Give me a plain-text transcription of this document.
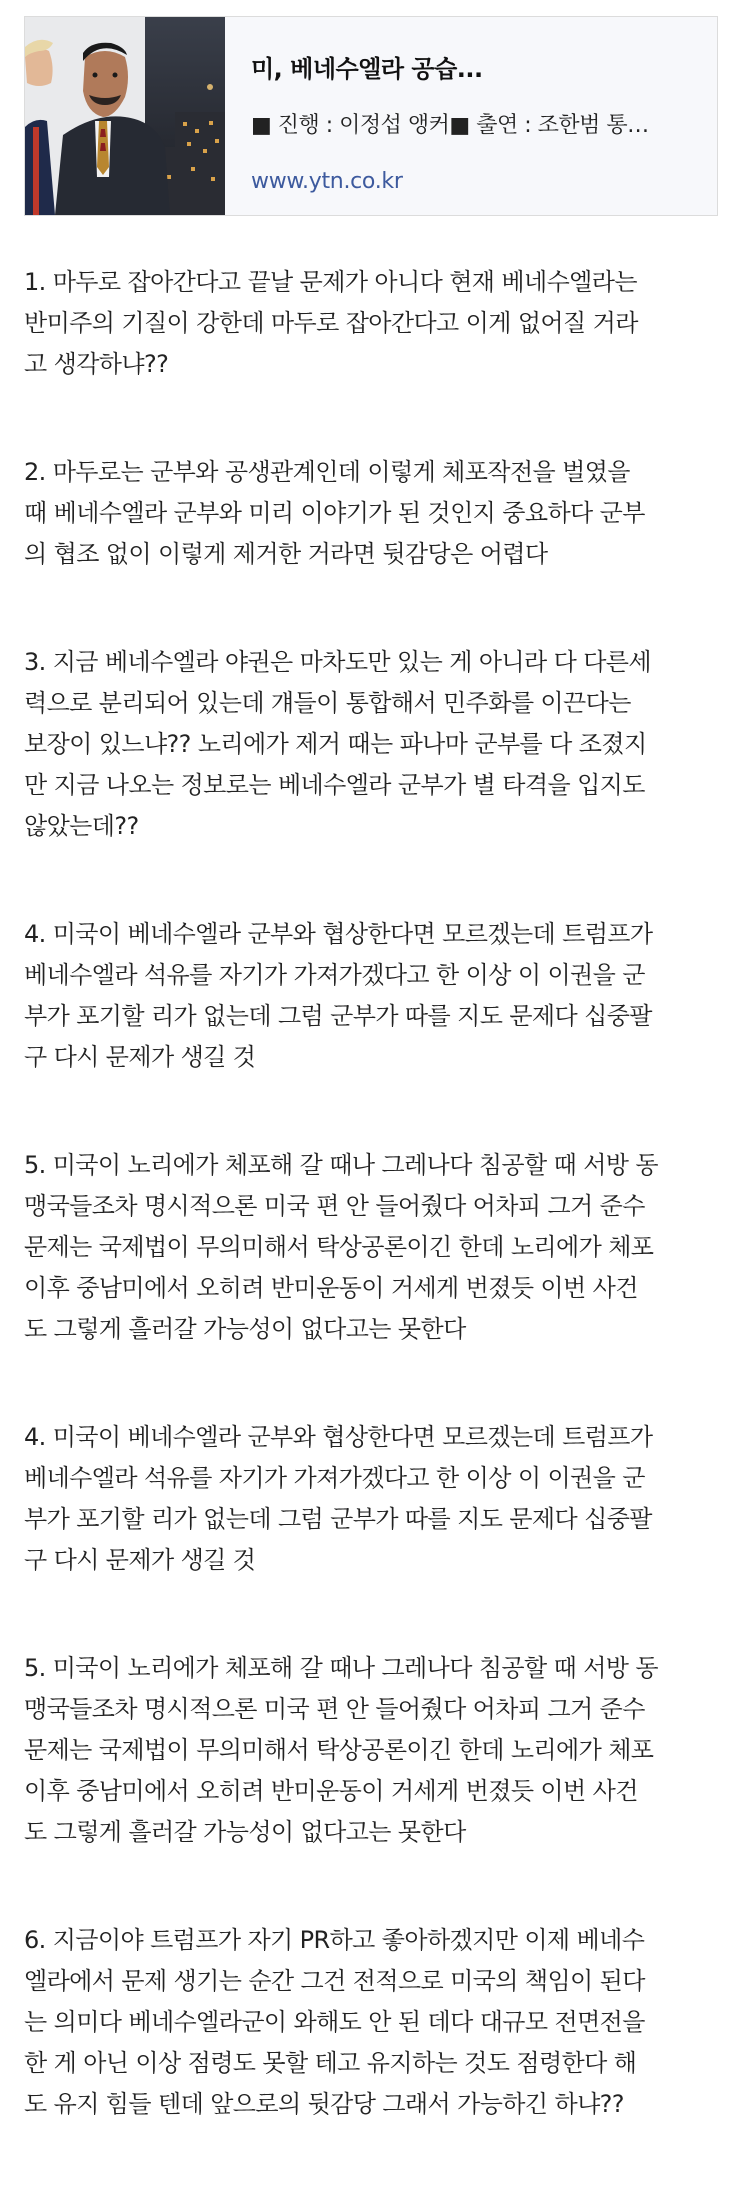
미, 베네수엘라 공습...
■ 진행 : 이정섭 앵커■ 출연 : 조한범 통…
www.ytn.co.kr

1. 마두로 잡아간다고 끝날 문제가 아니다 현재 베네수엘라는
반미주의 기질이 강한데 마두로 잡아간다고 이게 없어질 거라
고 생각하냐??

2. 마두로는 군부와 공생관계인데 이렇게 체포작전을 벌였을
때 베네수엘라 군부와 미리 이야기가 된 것인지 중요하다 군부
의 협조 없이 이렇게 제거한 거라면 뒷감당은 어렵다

3. 지금 베네수엘라 야권은 마차도만 있는 게 아니라 다 다른세
력으로 분리되어 있는데 걔들이 통합해서 민주화를 이끈다는
보장이 있느냐?? 노리에가 제거 때는 파나마 군부를 다 조졌지
만 지금 나오는 정보로는 베네수엘라 군부가 별 타격을 입지도
않았는데??

4. 미국이 베네수엘라 군부와 협상한다면 모르겠는데 트럼프가
베네수엘라 석유를 자기가 가져가겠다고 한 이상 이 이권을 군
부가 포기할 리가 없는데 그럼 군부가 따를 지도 문제다 십중팔
구 다시 문제가 생길 것

5. 미국이 노리에가 체포해 갈 때나 그레나다 침공할 때 서방 동
맹국들조차 명시적으론 미국 편 안 들어줬다 어차피 그거 준수
문제는 국제법이 무의미해서 탁상공론이긴 한데 노리에가 체포
이후 중남미에서 오히려 반미운동이 거세게 번졌듯 이번 사건
도 그렇게 흘러갈 가능성이 없다고는 못한다

4. 미국이 베네수엘라 군부와 협상한다면 모르겠는데 트럼프가
베네수엘라 석유를 자기가 가져가겠다고 한 이상 이 이권을 군
부가 포기할 리가 없는데 그럼 군부가 따를 지도 문제다 십중팔
구 다시 문제가 생길 것

5. 미국이 노리에가 체포해 갈 때나 그레나다 침공할 때 서방 동
맹국들조차 명시적으론 미국 편 안 들어줬다 어차피 그거 준수
문제는 국제법이 무의미해서 탁상공론이긴 한데 노리에가 체포
이후 중남미에서 오히려 반미운동이 거세게 번졌듯 이번 사건
도 그렇게 흘러갈 가능성이 없다고는 못한다

6. 지금이야 트럼프가 자기 PR하고 좋아하겠지만 이제 베네수
엘라에서 문제 생기는 순간 그건 전적으로 미국의 책임이 된다
는 의미다 베네수엘라군이 와해도 안 된 데다 대규모 전면전을
한 게 아닌 이상 점령도 못할 테고 유지하는 것도 점령한다 해
도 유지 힘들 텐데 앞으로의 뒷감당 그래서 가능하긴 하냐??
